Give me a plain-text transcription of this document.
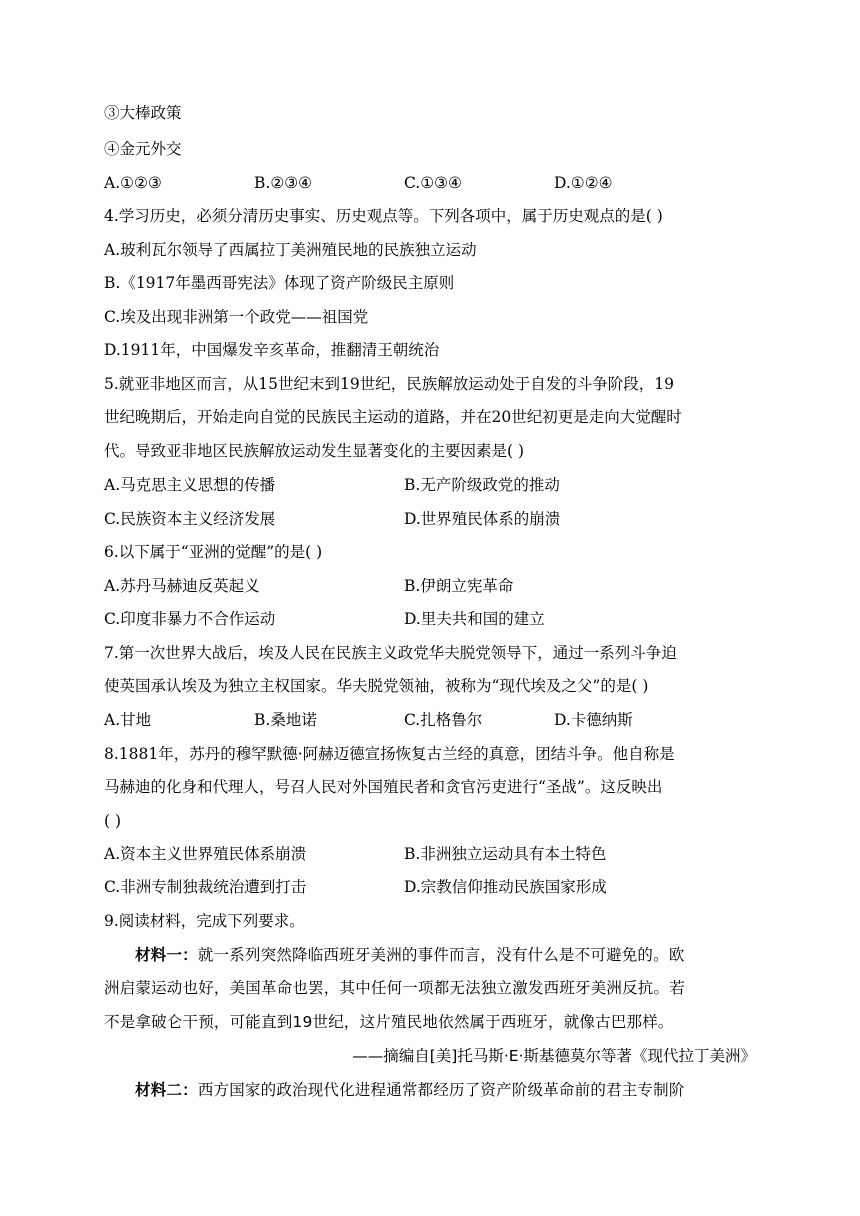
③大棒政策
④金元外交
A.①②③	B.②③④	C.①③④	D.①②④
4.学习历史，必须分清历史事实、历史观点等。下列各项中，属于历史观点的是( )
A.玻利瓦尔领导了西属拉丁美洲殖民地的民族独立运动
B.《1917年墨西哥宪法》体现了资产阶级民主原则
C.埃及出现非洲第一个政党——祖国党
D.1911年，中国爆发辛亥革命，推翻清王朝统治
5.就亚非地区而言，从15世纪末到19世纪，民族解放运动处于自发的斗争阶段，19
世纪晚期后，开始走向自觉的民族民主运动的道路，并在20世纪初更是走向大觉醒时
代。导致亚非地区民族解放运动发生显著变化的主要因素是( )
A.马克思主义思想的传播	B.无产阶级政党的推动
C.民族资本主义经济发展	D.世界殖民体系的崩溃
6.以下属于“亚洲的觉醒”的是( )
A.苏丹马赫迪反英起义	B.伊朗立宪革命
C.印度非暴力不合作运动	D.里夫共和国的建立
7.第一次世界大战后，埃及人民在民族主义政党华夫脱党领导下，通过一系列斗争迫
使英国承认埃及为独立主权国家。华夫脱党领袖，被称为“现代埃及之父”的是( )
A.甘地	B.桑地诺	C.扎格鲁尔	D.卡德纳斯
8.1881年，苏丹的穆罕默德·阿赫迈德宣扬恢复古兰经的真意，团结斗争。他自称是
马赫迪的化身和代理人，号召人民对外国殖民者和贪官污吏进行“圣战”。这反映出
( )
A.资本主义世界殖民体系崩溃	B.非洲独立运动具有本土特色
C.非洲专制独裁统治遭到打击	D.宗教信仰推动民族国家形成
9.阅读材料，完成下列要求。
材料一：就一系列突然降临西班牙美洲的事件而言，没有什么是不可避免的。欧
洲启蒙运动也好，美国革命也罢，其中任何一项都无法独立激发西班牙美洲反抗。若
不是拿破仑干预，可能直到19世纪，这片殖民地依然属于西班牙，就像古巴那样。
——摘编自[美]托马斯·E·斯基德莫尔等著《现代拉丁美洲》
材料二：西方国家的政治现代化进程通常都经历了资产阶级革命前的君主专制阶
